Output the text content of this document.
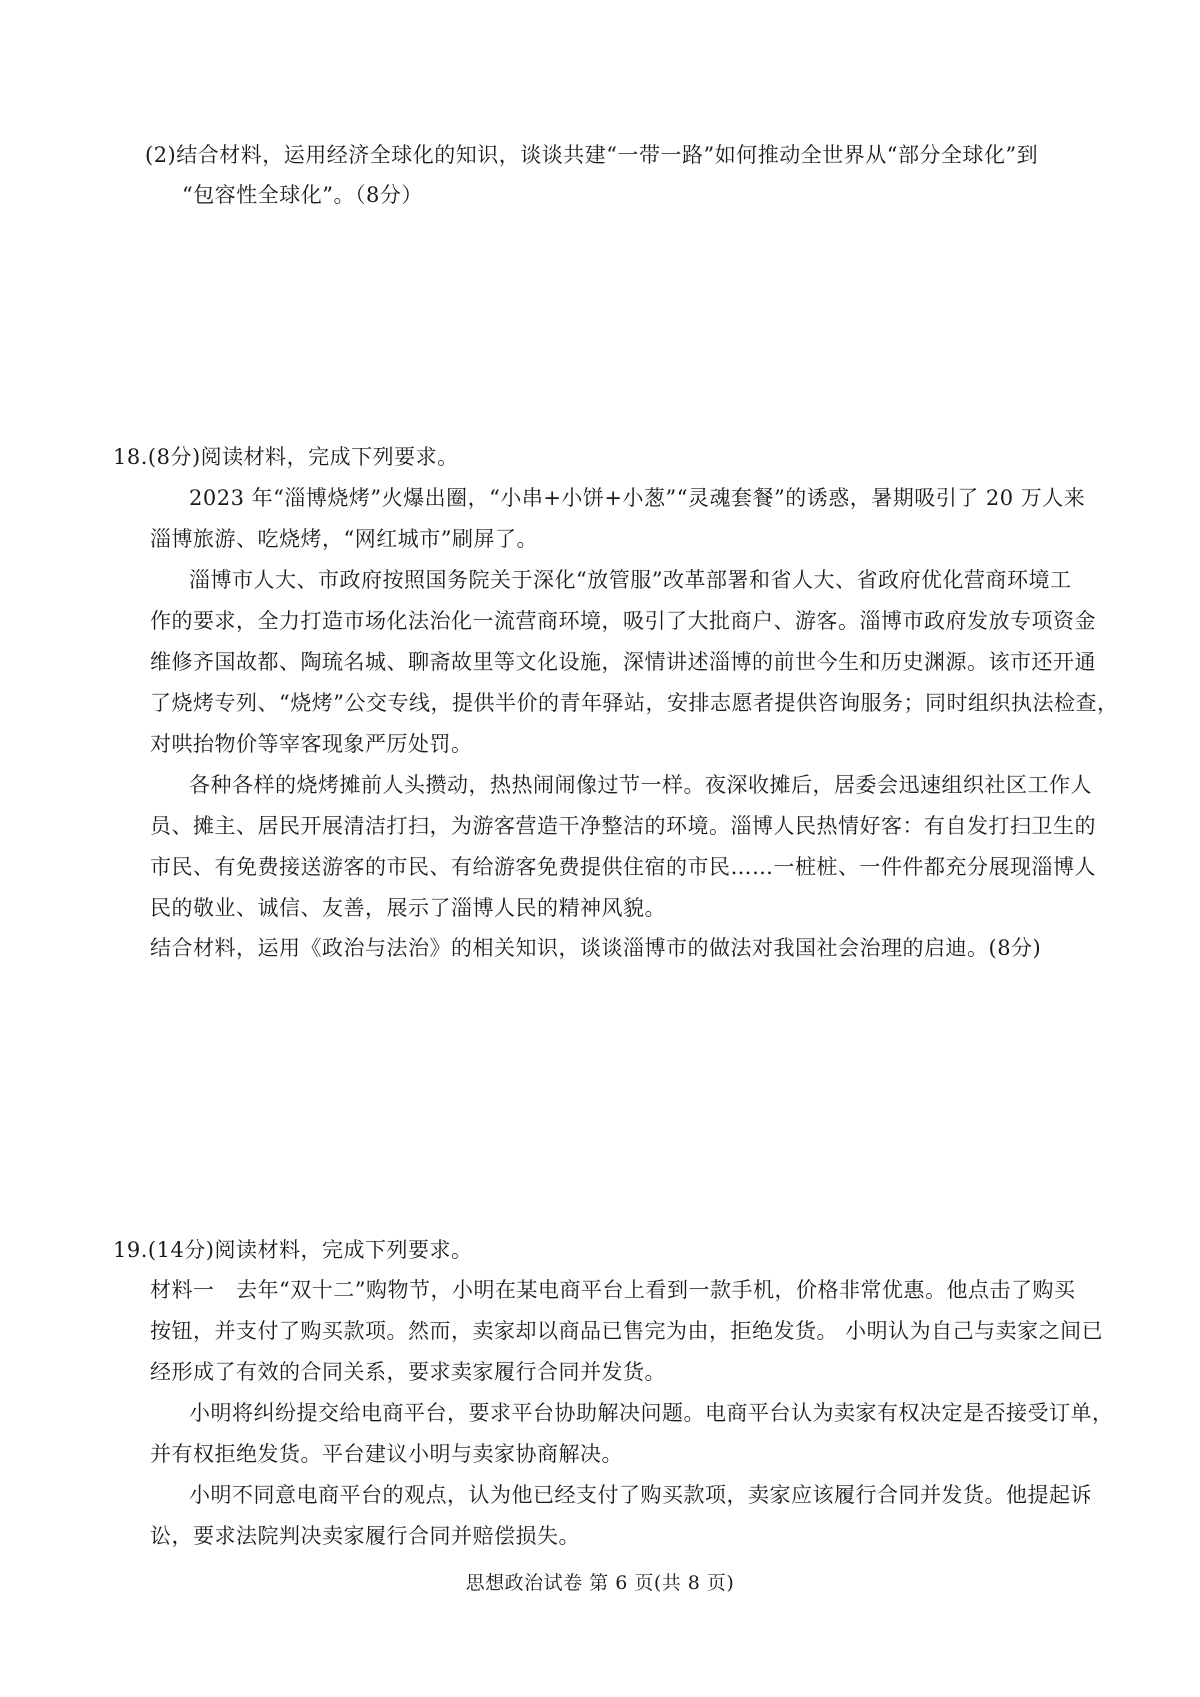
(2)结合材料，运用经济全球化的知识，谈谈共建“一带一路”如何推动全世界从“部分全球化”到
“包容性全球化”。（8分）
18.(8分)阅读材料，完成下列要求。
2023 年“淄博烧烤”火爆出圈，“小串+小饼+小葱”“灵魂套餐”的诱惑，暑期吸引了 20 万人来
淄博旅游、吃烧烤，“网红城市”刷屏了。
淄博市人大、市政府按照国务院关于深化“放管服”改革部署和省人大、省政府优化营商环境工
作的要求，全力打造市场化法治化一流营商环境，吸引了大批商户、游客。淄博市政府发放专项资金
维修齐国故都、陶琉名城、聊斋故里等文化设施，深情讲述淄博的前世今生和历史渊源。该市还开通
了烧烤专列、“烧烤”公交专线，提供半价的青年驿站，安排志愿者提供咨询服务；同时组织执法检查，
对哄抬物价等宰客现象严厉处罚。
各种各样的烧烤摊前人头攒动，热热闹闹像过节一样。夜深收摊后，居委会迅速组织社区工作人
员、摊主、居民开展清洁打扫，为游客营造干净整洁的环境。淄博人民热情好客：有自发打扫卫生的
市民、有免费接送游客的市民、有给游客免费提供住宿的市民……一桩桩、一件件都充分展现淄博人
民的敬业、诚信、友善，展示了淄博人民的精神风貌。
结合材料，运用《政治与法治》的相关知识，谈谈淄博市的做法对我国社会治理的启迪。(8分)
19.(14分)阅读材料，完成下列要求。
材料一　去年“双十二”购物节，小明在某电商平台上看到一款手机，价格非常优惠。他点击了购买
按钮，并支付了购买款项。然而，卖家却以商品已售完为由，拒绝发货。 小明认为自己与卖家之间已
经形成了有效的合同关系，要求卖家履行合同并发货。
小明将纠纷提交给电商平台，要求平台协助解决问题。电商平台认为卖家有权决定是否接受订单，
并有权拒绝发货。平台建议小明与卖家协商解决。
小明不同意电商平台的观点，认为他已经支付了购买款项，卖家应该履行合同并发货。他提起诉
讼，要求法院判决卖家履行合同并赔偿损失。
思想政治试卷 第 6 页(共 8 页)
